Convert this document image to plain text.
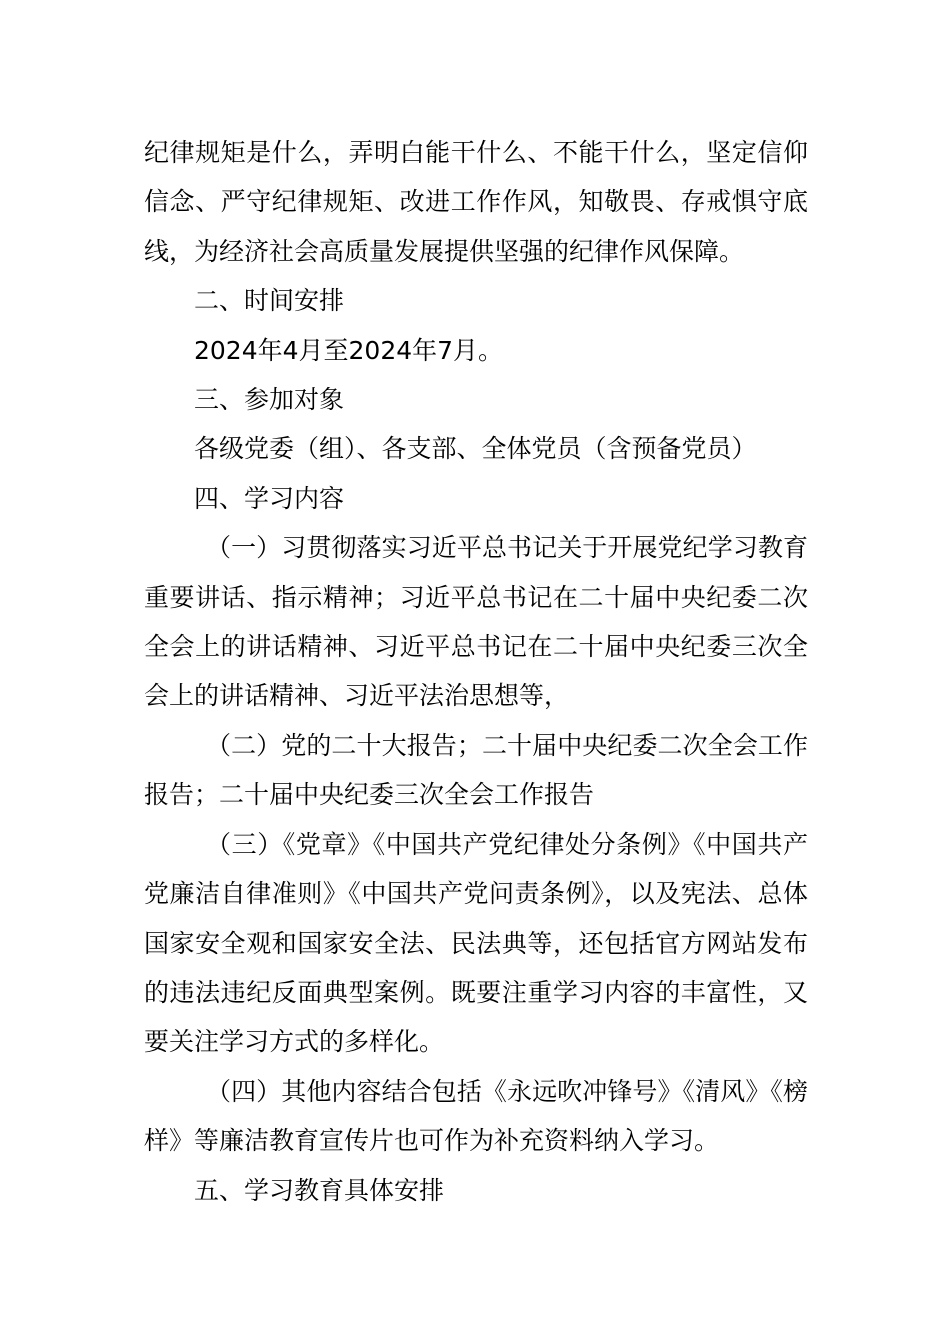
纪律规矩是什么，弄明白能干什么、不能干什么，坚定信仰信念、严守纪律规矩、改进工作作风，知敬畏、存戒惧守底线，为经济社会高质量发展提供坚强的纪律作风保障。

二、时间安排

2024年4月至2024年7月。

三、参加对象

各级党委（组）、各支部、全体党员（含预备党员）

四、学习内容

（一）习贯彻落实习近平总书记关于开展党纪学习教育重要讲话、指示精神；习近平总书记在二十届中央纪委二次全会上的讲话精神、习近平总书记在二十届中央纪委三次全会上的讲话精神、习近平法治思想等，

（二）党的二十大报告；二十届中央纪委二次全会工作报告；二十届中央纪委三次全会工作报告

（三）《党章》《中国共产党纪律处分条例》《中国共产党廉洁自律准则》《中国共产党问责条例》，以及宪法、总体国家安全观和国家安全法、民法典等，还包括官方网站发布的违法违纪反面典型案例。既要注重学习内容的丰富性，又要关注学习方式的多样化。

（四）其他内容结合包括《永远吹冲锋号》《清风》《榜样》等廉洁教育宣传片也可作为补充资料纳入学习。

五、学习教育具体安排
